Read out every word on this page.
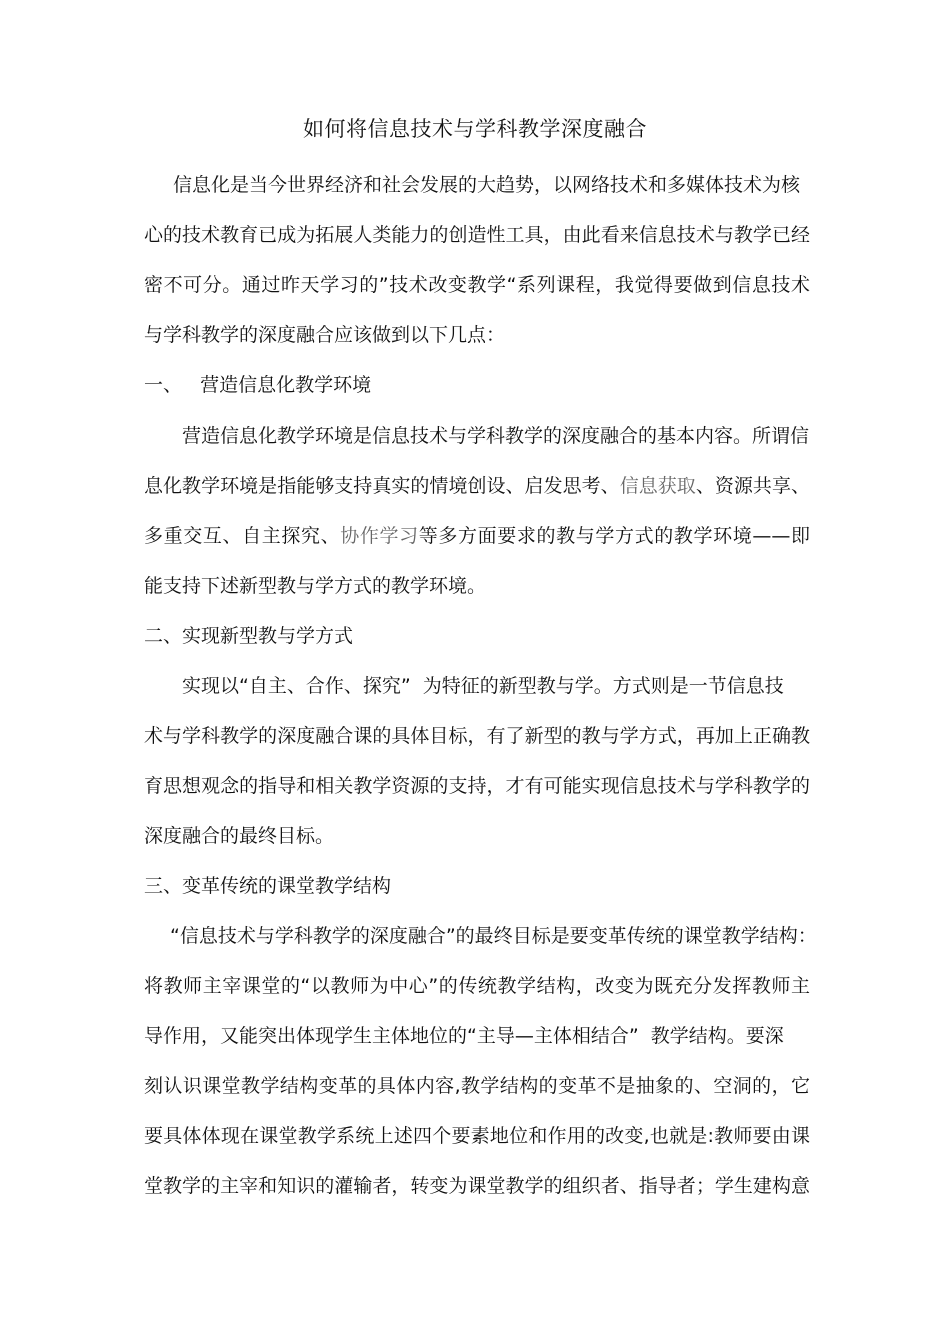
如何将信息技术与学科教学深度融合
信息化是当今世界经济和社会发展的大趋势，以网络技术和多媒体技术为核
心的技术教育已成为拓展人类能力的创造性工具，由此看来信息技术与教学已经
密不可分。通过昨天学习的”技术改变教学“系列课程，我觉得要做到信息技术
与学科教学的深度融合应该做到以下几点：
一、   营造信息化教学环境
营造信息化教学环境是信息技术与学科教学的深度融合的基本内容。所谓信
息化教学环境是指能够支持真实的情境创设、启发思考、信息获取、资源共享、
多重交互、自主探究、协作学习等多方面要求的教与学方式的教学环境——即
能支持下述新型教与学方式的教学环境。
二、实现新型教与学方式
实现以“自主、合作、探究”  为特征的新型教与学。方式则是一节信息技
术与学科教学的深度融合课的具体目标，有了新型的教与学方式，再加上正确教
育思想观念的指导和相关教学资源的支持，才有可能实现信息技术与学科教学的
深度融合的最终目标。
三、变革传统的课堂教学结构
“信息技术与学科教学的深度融合”的最终目标是要变革传统的课堂教学结构：
将教师主宰课堂的“以教师为中心”的传统教学结构，改变为既充分发挥教师主
导作用，又能突出体现学生主体地位的“主导—主体相结合”  教学结构。要深
刻认识课堂教学结构变革的具体内容,教学结构的变革不是抽象的、空洞的，它
要具体体现在课堂教学系统上述四个要素地位和作用的改变,也就是:教师要由课
堂教学的主宰和知识的灌输者，转变为课堂教学的组织者、指导者；学生建构意
